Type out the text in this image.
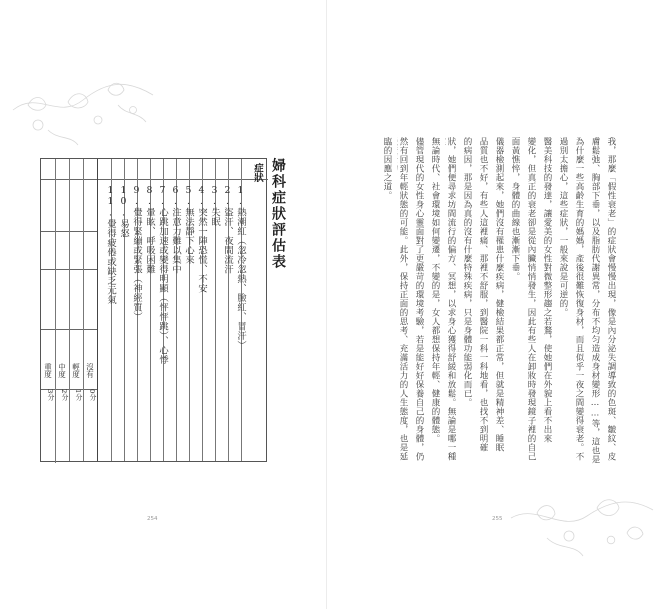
婦科症狀評估表
症狀
沒有
0分
輕度
1分
中度
2分
重度
3分
1.熱潮紅（忽冷忽熱、臉紅、冒汗）
2.盜汗、夜間流汗
3.失眠
4.突然一陣恐慌、不安
5.無法靜下心來
6.注意力難以集中
7.心跳加速或變得明顯（怦怦跳）、心悸
8.暈眩、呼吸困難
9.覺得緊繃或緊張（神經質）
10.易怒
11.覺得疲倦或缺乏元氣
254
我，那麼「假性衰老」的症狀會慢慢出現，像是內分泌失調導致的色斑、皺紋、皮
膚鬆弛、胸部下垂，以及脂肪代謝異常，分布不均匀造成身材變形……等，這也是
為什麼一些高齡生育的媽媽，產後很難恢復身材，而且似乎一夜之間變得衰老。不
過別太擔心，這些症狀，一般來說是可逆的。
醫美科技的發達，讓愛美的女性對微整形趨之若鶩，使她們在外貌上看不出來
變化，但真正的衰老卻是從內臟悄悄發生，因此有些人在卸妝時發現鏡子裡的自己
面黃憔悴，身體的曲線也漸漸下垂。
儀器檢測起來，她們沒有罹患什麼疾病，健檢結果都正常，但就是精神差、睡眠
品質也不好，有些人這裡痛、那裡不舒服，到醫院一科一科地看，也找不到明確
的病因，那是因為真的沒有什麼特殊疾病，只是身體功能弱化而已。
狀，她們便尋求坊間流行的偏方、冥想，以求身心獲得舒緩和放鬆。無論是哪一種
無論時代、社會環境如何變遷，不變的是，女人都想保持年輕、健康的體態。
儘管現代的女性身心靈面對了更嚴苛的環境考驗，若是能好好保養自己的身體，仍
然有回到年輕狀態的可能。此外，保持正面的思考、充滿活力的人生態度，也是延
臨的因應之道。
255
